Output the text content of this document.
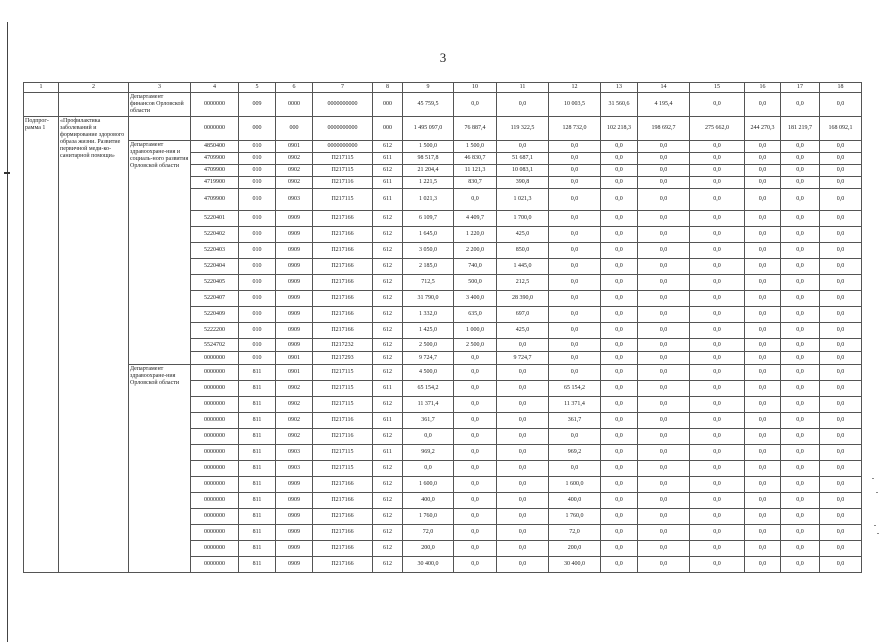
3
1	2	3	4	5	6	7	8	9	10	11	12	13	14	15	16	17	18
		Департамент финансов Орловской области	0000000	009	0000	0000000000	000	45 759,5	0,0	0,0	10 003,5	31 560,6	4 195,4	0,0	0,0	0,0	0,0
Подпрог-рамма 1	«Профилактика заболеваний и формирование здорового образа жизни. Развитие первичной меди-ко-санитарной помощи»		0000000	000	000	0000000000	000	1 495 097,0	76 887,4	119 322,5	128 732,0	102 218,3	198 692,7	275 662,0	244 270,3	181 219,7	168 092,1
		Департамент здравоохране-ния и социаль-ного развития Орловской области	4850400	010	0901	0000000000	612	1 500,0	1 500,0	0,0	0,0	0,0	0,0	0,0	0,0	0,0	0,0
			4709900	010	0902	П217115	611	98 517,8	46 830,7	51 687,1	0,0	0,0	0,0	0,0	0,0	0,0	0,0
			4709900	010	0902	П217115	612	21 204,4	11 121,3	10 083,1	0,0	0,0	0,0	0,0	0,0	0,0	0,0
			4719900	010	0902	П217116	611	1 221,5	830,7	390,8	0,0	0,0	0,0	0,0	0,0	0,0	0,0
			4709900	010	0903	П217115	611	1 021,3	0,0	1 021,3	0,0	0,0	0,0	0,0	0,0	0,0	0,0
			5220401	010	0909	П217166	612	6 109,7	4 409,7	1 700,0	0,0	0,0	0,0	0,0	0,0	0,0	0,0
			5220402	010	0909	П217166	612	1 645,0	1 220,0	425,0	0,0	0,0	0,0	0,0	0,0	0,0	0,0
			5220403	010	0909	П217166	612	3 050,0	2 200,0	850,0	0,0	0,0	0,0	0,0	0,0	0,0	0,0
			5220404	010	0909	П217166	612	2 185,0	740,0	1 445,0	0,0	0,0	0,0	0,0	0,0	0,0	0,0
			5220405	010	0909	П217166	612	712,5	500,0	212,5	0,0	0,0	0,0	0,0	0,0	0,0	0,0
			5220407	010	0909	П217166	612	31 790,0	3 400,0	28 390,0	0,0	0,0	0,0	0,0	0,0	0,0	0,0
			5220409	010	0909	П217166	612	1 332,0	635,0	697,0	0,0	0,0	0,0	0,0	0,0	0,0	0,0
			5222200	010	0909	П217166	612	1 425,0	1 000,0	425,0	0,0	0,0	0,0	0,0	0,0	0,0	0,0
			5524702	010	0909	П217232	612	2 500,0	2 500,0	0,0	0,0	0,0	0,0	0,0	0,0	0,0	0,0
			0000000	010	0901	П217293	612	9 724,7	0,0	9 724,7	0,0	0,0	0,0	0,0	0,0	0,0	0,0
		Департамент здравоохране-ния Орловской области	0000000	811	0901	П217115	612	4 500,0	0,0	0,0	0,0	0,0	0,0	0,0	0,0	0,0	0,0
			0000000	811	0902	П217115	611	65 154,2	0,0	0,0	65 154,2	0,0	0,0	0,0	0,0	0,0	0,0
			0000000	811	0902	П217115	612	11 371,4	0,0	0,0	11 371,4	0,0	0,0	0,0	0,0	0,0	0,0
			0000000	811	0902	П217116	611	361,7	0,0	0,0	361,7	0,0	0,0	0,0	0,0	0,0	0,0
			0000000	811	0902	П217116	612	0,0	0,0	0,0	0,0	0,0	0,0	0,0	0,0	0,0	0,0
			0000000	811	0903	П217115	611	969,2	0,0	0,0	969,2	0,0	0,0	0,0	0,0	0,0	0,0
			0000000	811	0903	П217115	612	0,0	0,0	0,0	0,0	0,0	0,0	0,0	0,0	0,0	0,0
			0000000	811	0909	П217166	612	1 600,0	0,0	0,0	1 600,0	0,0	0,0	0,0	0,0	0,0	0,0
			0000000	811	0909	П217166	612	400,0	0,0	0,0	400,0	0,0	0,0	0,0	0,0	0,0	0,0
			0000000	811	0909	П217166	612	1 760,0	0,0	0,0	1 760,0	0,0	0,0	0,0	0,0	0,0	0,0
			0000000	811	0909	П217166	612	72,0	0,0	0,0	72,0	0,0	0,0	0,0	0,0	0,0	0,0
			0000000	811	0909	П217166	612	200,0	0,0	0,0	200,0	0,0	0,0	0,0	0,0	0,0	0,0
			0000000	811	0909	П217166	612	30 400,0	0,0	0,0	30 400,0	0,0	0,0	0,0	0,0	0,0	0,0
